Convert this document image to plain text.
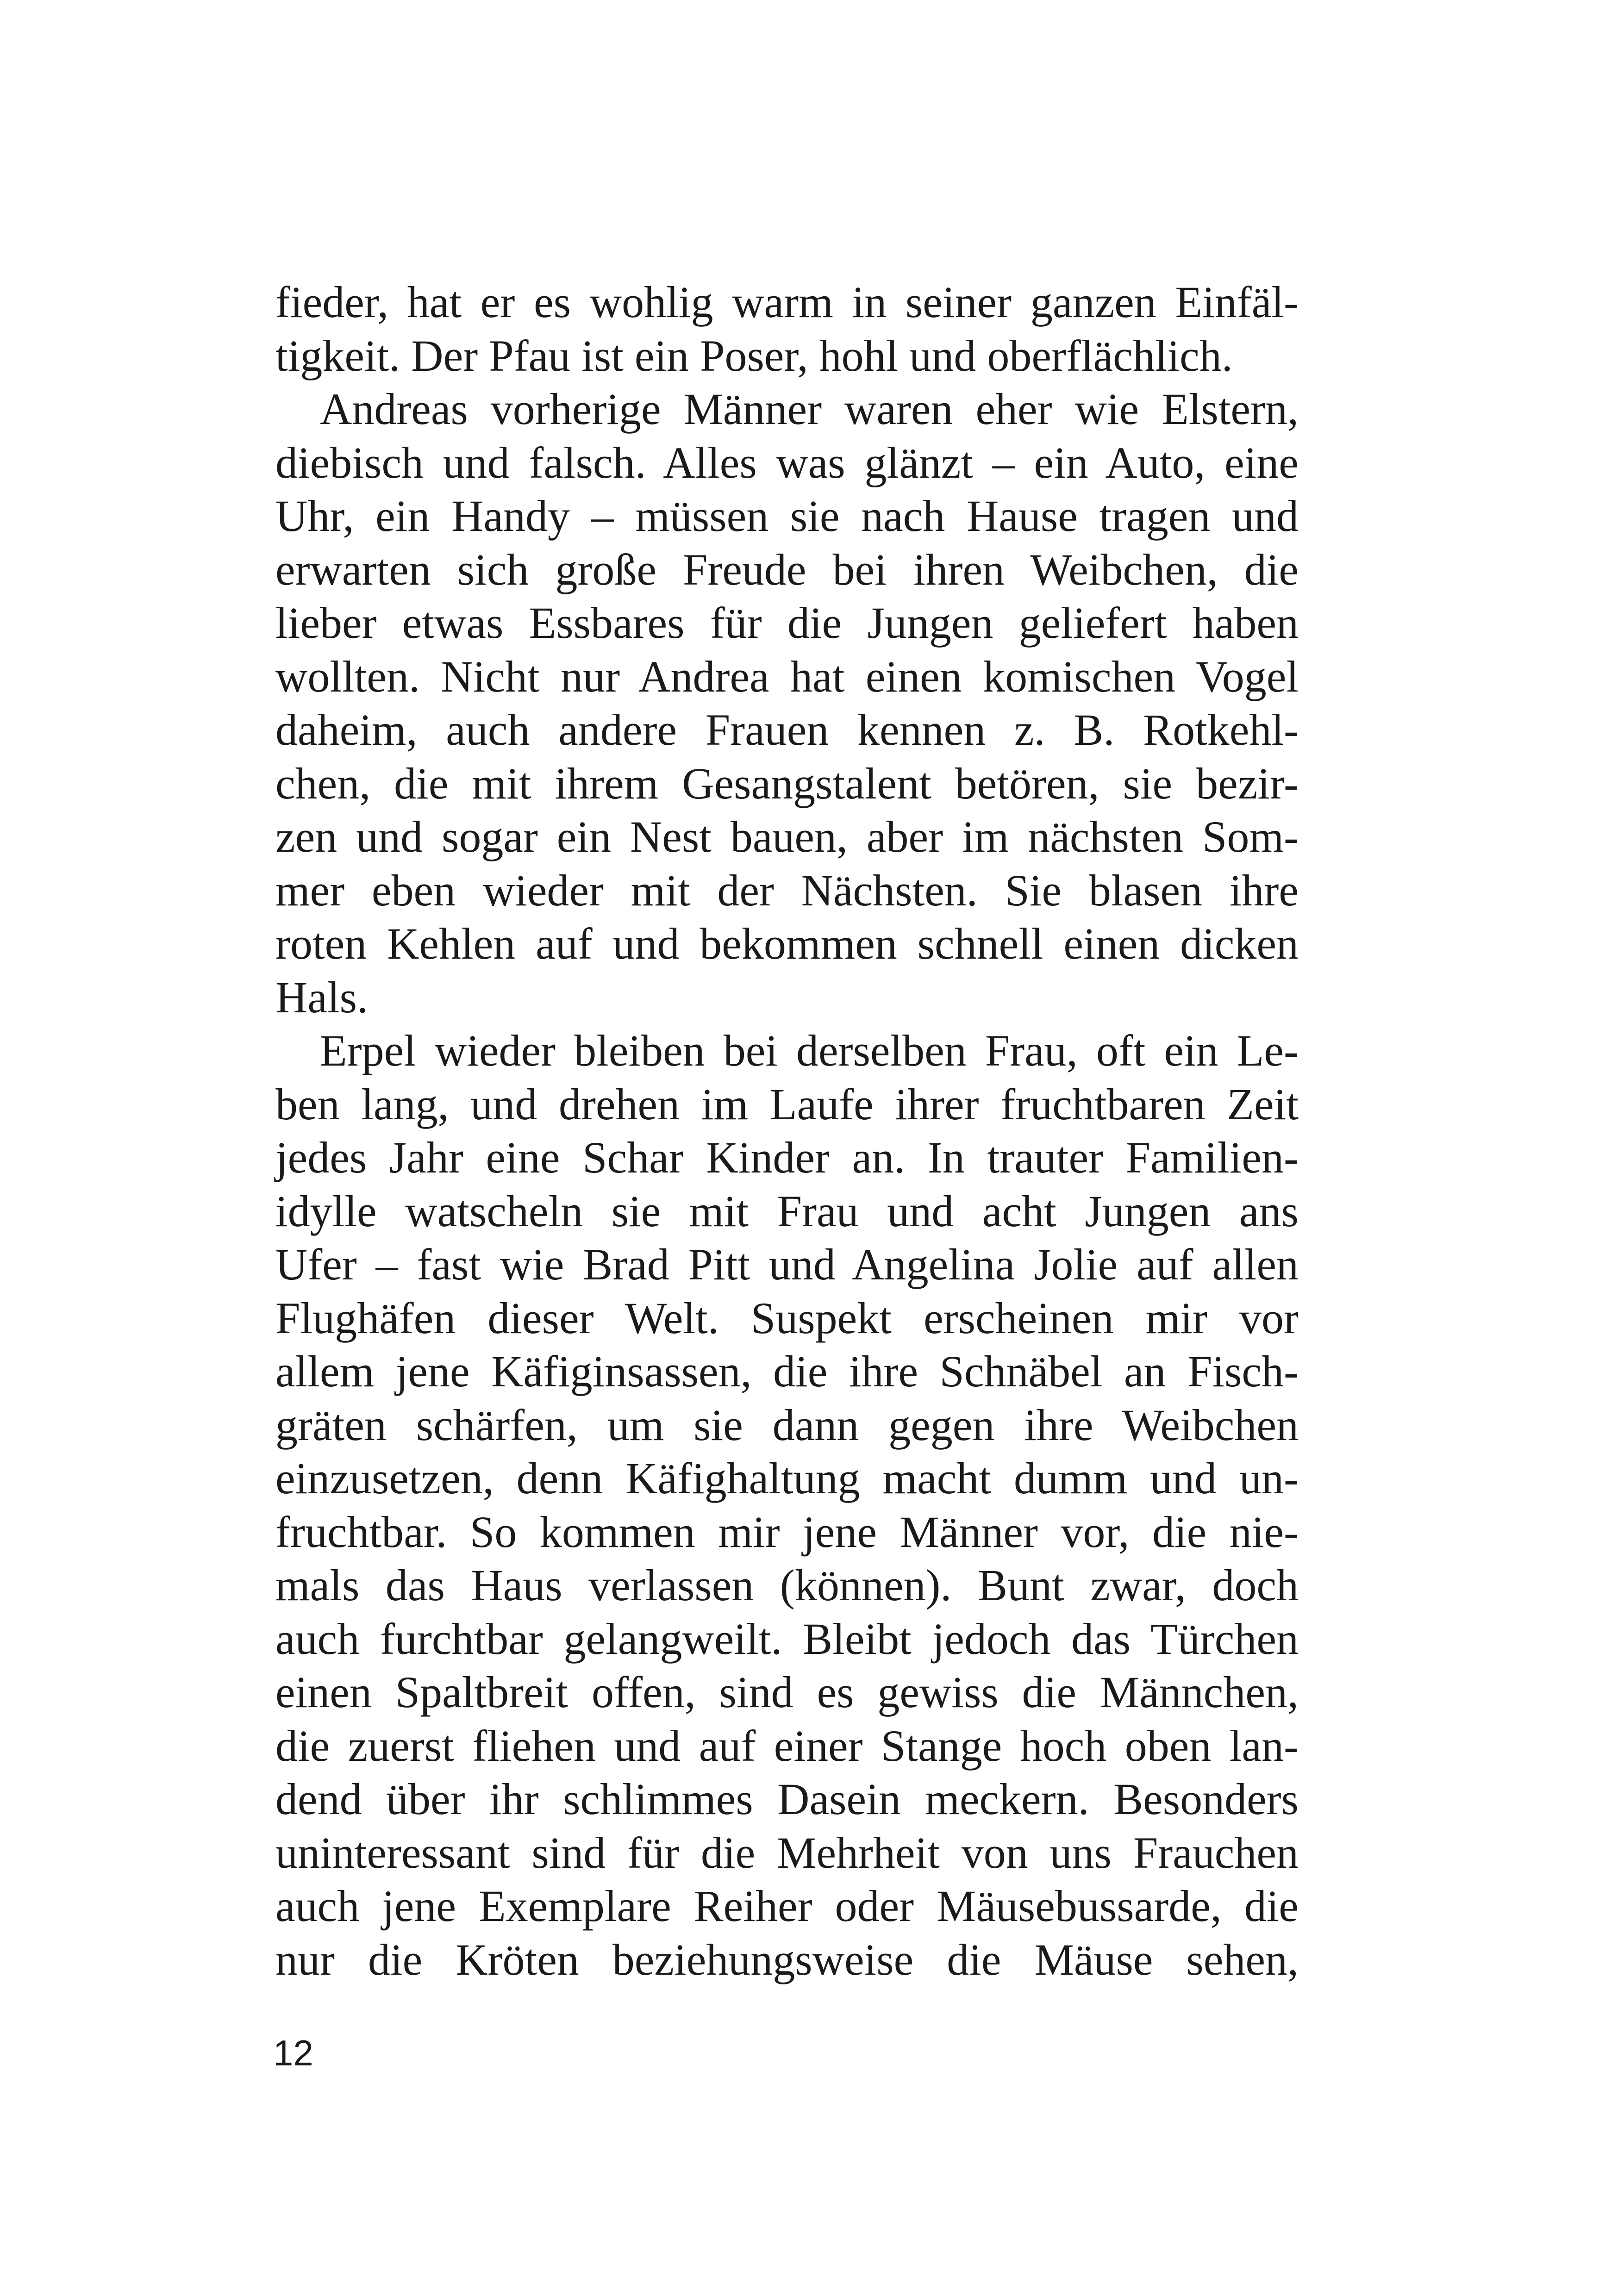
fieder, hat er es wohlig warm in seiner ganzen Einfäl-
tigkeit. Der Pfau ist ein Poser, hohl und oberflächlich.
Andreas vorherige Männer waren eher wie Elstern,
diebisch und falsch. Alles was glänzt – ein Auto, eine
Uhr, ein Handy – müssen sie nach Hause tragen und
erwarten sich große Freude bei ihren Weibchen, die
lieber etwas Essbares für die Jungen geliefert haben
wollten. Nicht nur Andrea hat einen komischen Vogel
daheim, auch andere Frauen kennen z. B. Rotkehl-
chen, die mit ihrem Gesangstalent betören, sie bezir-
zen und sogar ein Nest bauen, aber im nächsten Som-
mer eben wieder mit der Nächsten. Sie blasen ihre
roten Kehlen auf und bekommen schnell einen dicken
Hals.
Erpel wieder bleiben bei derselben Frau, oft ein Le-
ben lang, und drehen im Laufe ihrer fruchtbaren Zeit
jedes Jahr eine Schar Kinder an. In trauter Familien-
idylle watscheln sie mit Frau und acht Jungen ans
Ufer – fast wie Brad Pitt und Angelina Jolie auf allen
Flughäfen dieser Welt. Suspekt erscheinen mir vor
allem jene Käfiginsassen, die ihre Schnäbel an Fisch-
gräten schärfen, um sie dann gegen ihre Weibchen
einzusetzen, denn Käfighaltung macht dumm und un-
fruchtbar. So kommen mir jene Männer vor, die nie-
mals das Haus verlassen (können). Bunt zwar, doch
auch furchtbar gelangweilt. Bleibt jedoch das Türchen
einen Spaltbreit offen, sind es gewiss die Männchen,
die zuerst fliehen und auf einer Stange hoch oben lan-
dend über ihr schlimmes Dasein meckern. Besonders
uninteressant sind für die Mehrheit von uns Frauchen
auch jene Exemplare Reiher oder Mäusebussarde, die
nur die Kröten beziehungsweise die Mäuse sehen,
12
